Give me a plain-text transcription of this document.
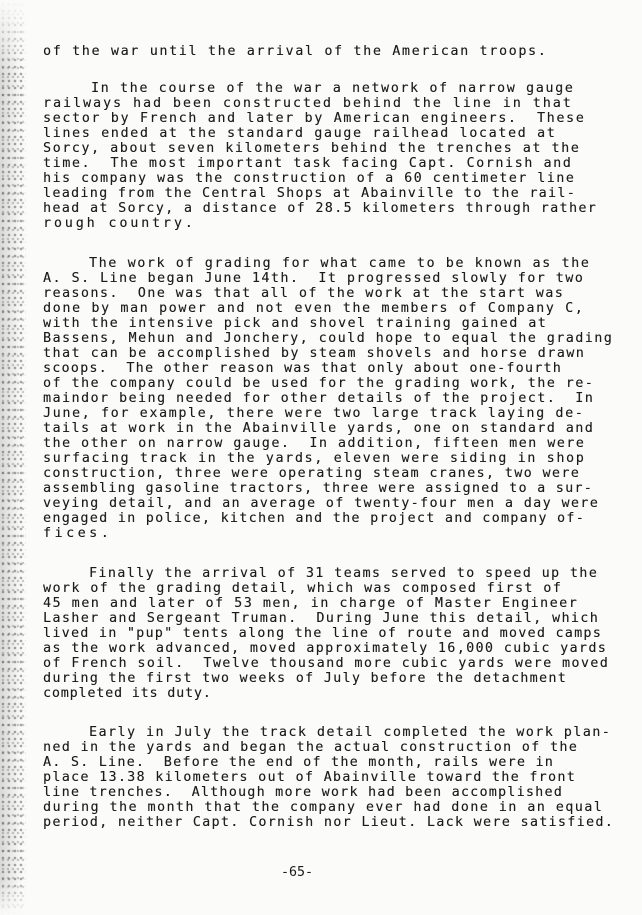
of the war until the arrival of the American troops.
In the course of the war a network of narrow gauge
railways had been constructed behind the line in that
sector by French and later by American engineers.  These
lines ended at the standard gauge railhead located at
Sorcy, about seven kilometers behind the trenches at the
time.  The most important task facing Capt. Cornish and
his company was the construction of a 60 centimeter line
leading from the Central Shops at Abainville to the rail-
head at Sorcy, a distance of 28.5 kilometers through rather
rough country.
The work of grading for what came to be known as the
A. S. Line began June 14th.  It progressed slowly for two
reasons.  One was that all of the work at the start was
done by man power and not even the members of Company C,
with the intensive pick and shovel training gained at
Bassens, Mehun and Jonchery, could hope to equal the grading
that can be accomplished by steam shovels and horse drawn
scoops.  The other reason was that only about one-fourth
of the company could be used for the grading work, the re-
maindor being needed for other details of the project.  In
June, for example, there were two large track laying de-
tails at work in the Abainville yards, one on standard and
the other on narrow gauge.  In addition, fifteen men were
surfacing track in the yards, eleven were siding in shop
construction, three were operating steam cranes, two were
assembling gasoline tractors, three were assigned to a sur-
veying detail, and an average of twenty-four men a day were
engaged in police, kitchen and the project and company of-
fices.
Finally the arrival of 31 teams served to speed up the
work of the grading detail, which was composed first of
45 men and later of 53 men, in charge of Master Engineer
Lasher and Sergeant Truman.  During June this detail, which
lived in "pup" tents along the line of route and moved camps
as the work advanced, moved approximately 16,000 cubic yards
of French soil.  Twelve thousand more cubic yards were moved
during the first two weeks of July before the detachment
completed its duty.
Early in July the track detail completed the work plan-
ned in the yards and began the actual construction of the
A. S. Line.  Before the end of the month, rails were in
place 13.38 kilometers out of Abainville toward the front
line trenches.  Although more work had been accomplished
during the month that the company ever had done in an equal
period, neither Capt. Cornish nor Lieut. Lack were satisfied.
-65-
